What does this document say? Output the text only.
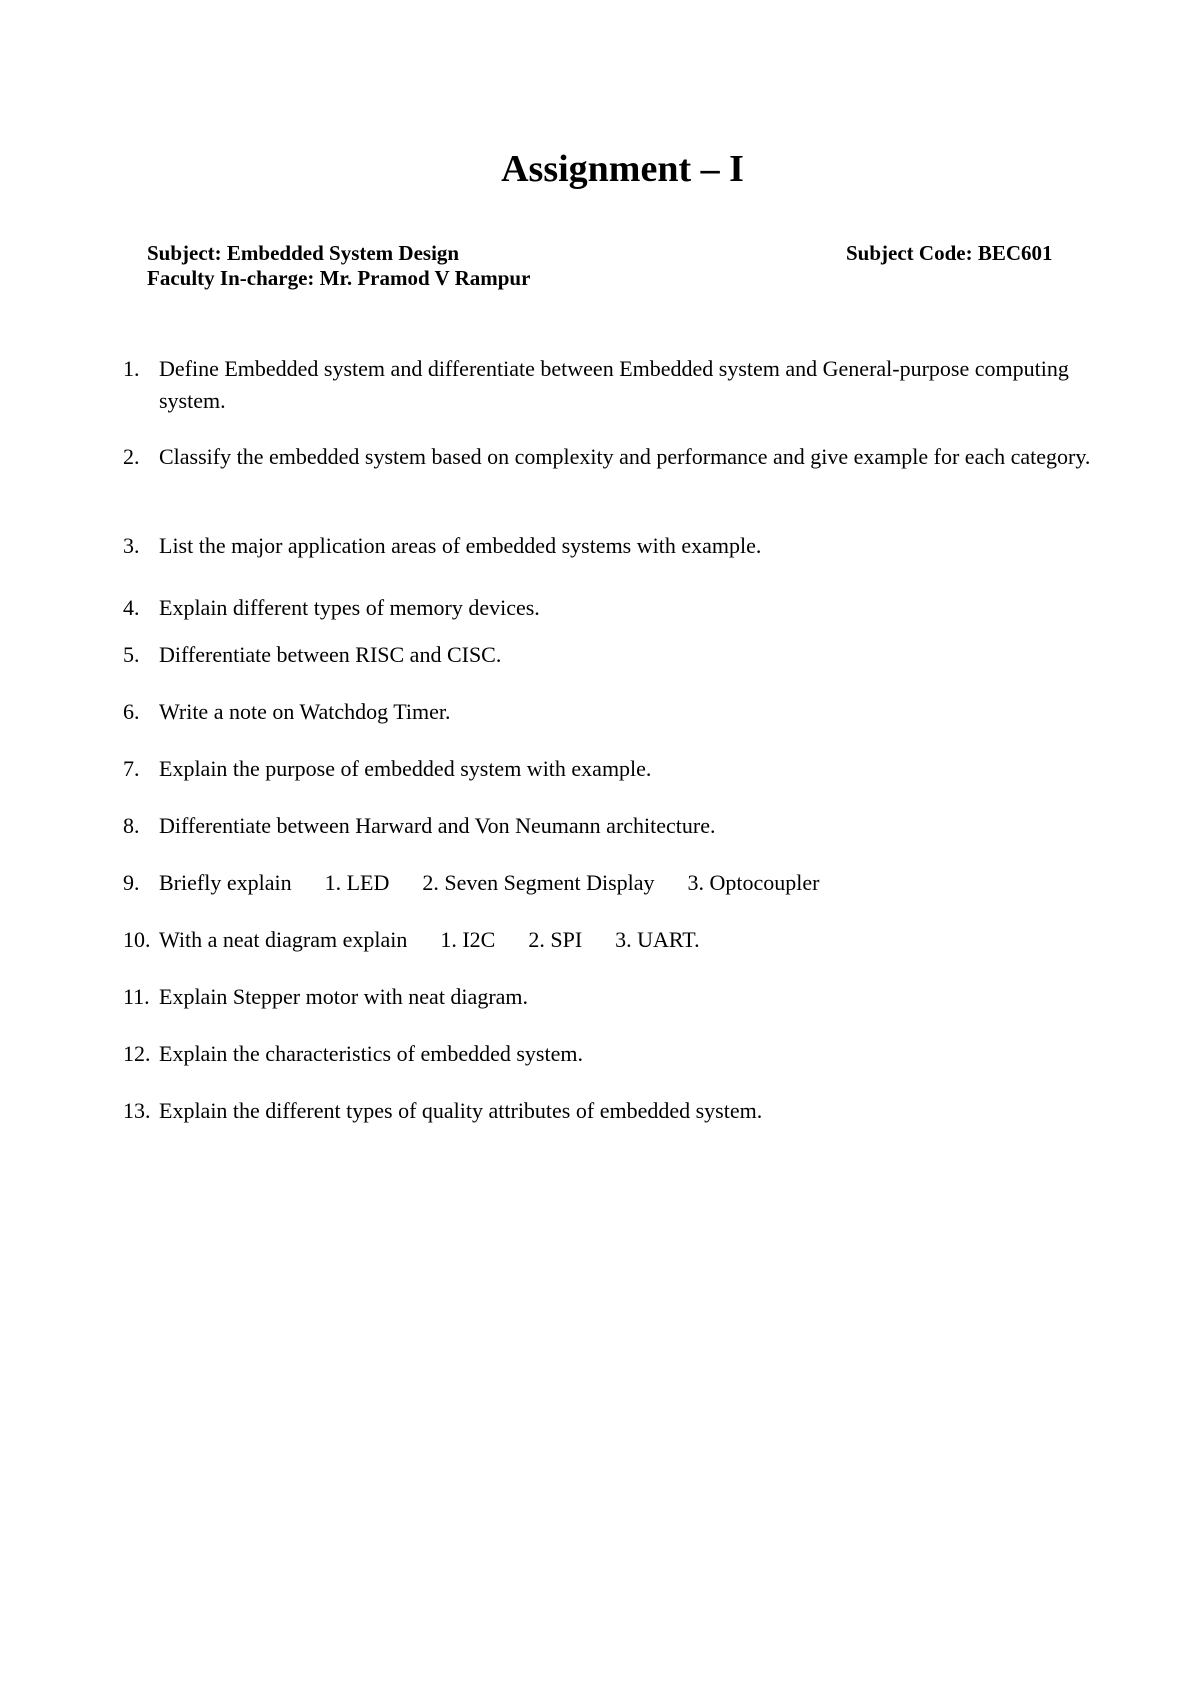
Assignment – I
Subject: Embedded System Design	Subject Code: BEC601
Faculty In-charge: Mr. Pramod V Rampur
1. Define Embedded system and differentiate between Embedded system and General-purpose computing system.
2. Classify the embedded system based on complexity and performance and give example for each category.
3. List the major application areas of embedded systems with example.
4. Explain different types of memory devices.
5. Differentiate between RISC and CISC.
6. Write a note on Watchdog Timer.
7. Explain the purpose of embedded system with example.
8. Differentiate between Harward and Von Neumann architecture.
9. Briefly explain      1. LED      2. Seven Segment Display      3. Optocoupler
10. With a neat diagram explain      1. I2C      2. SPI      3. UART.
11. Explain Stepper motor with neat diagram.
12. Explain the characteristics of embedded system.
13. Explain the different types of quality attributes of embedded system.
